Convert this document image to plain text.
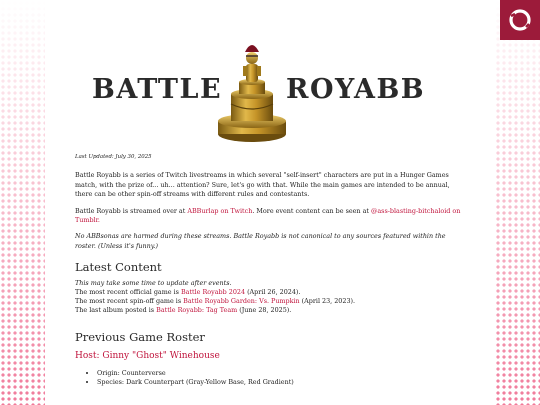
BATTLE ROYABB

Last Updated: July 30, 2025

Battle Royabb is a series of Twitch livestreams in which several "self-insert" characters are put in a Hunger Games match, with the prize of... uh... attention? Sure, let's go with that. While the main games are intended to be annual, there can be other spin-off streams with different rules and contestants.

Battle Royabb is streamed over at ABBurlap on Twitch. More event content can be seen at @ass-blasting-bitchaloid on Tumblr.

No ABBsonas are harmed during these streams. Battle Royabb is not canonical to any sources featured within the roster. (Unless it's funny.)

Latest Content
This may take some time to update after events.
The most recent official game is Battle Royabb 2024 (April 26, 2024).
The most recent spin-off game is Battle Royabb Garden: Vs. Pumpkin (April 23, 2023).
The last album posted is Battle Royabb: Tag Team (June 28, 2025).
Previous Game Roster
Host: Ginny "Ghost" Winehouse
• Origin: Counterverse
• Species: Dark Counterpart (Gray-Yellow Base, Red Gradient)
